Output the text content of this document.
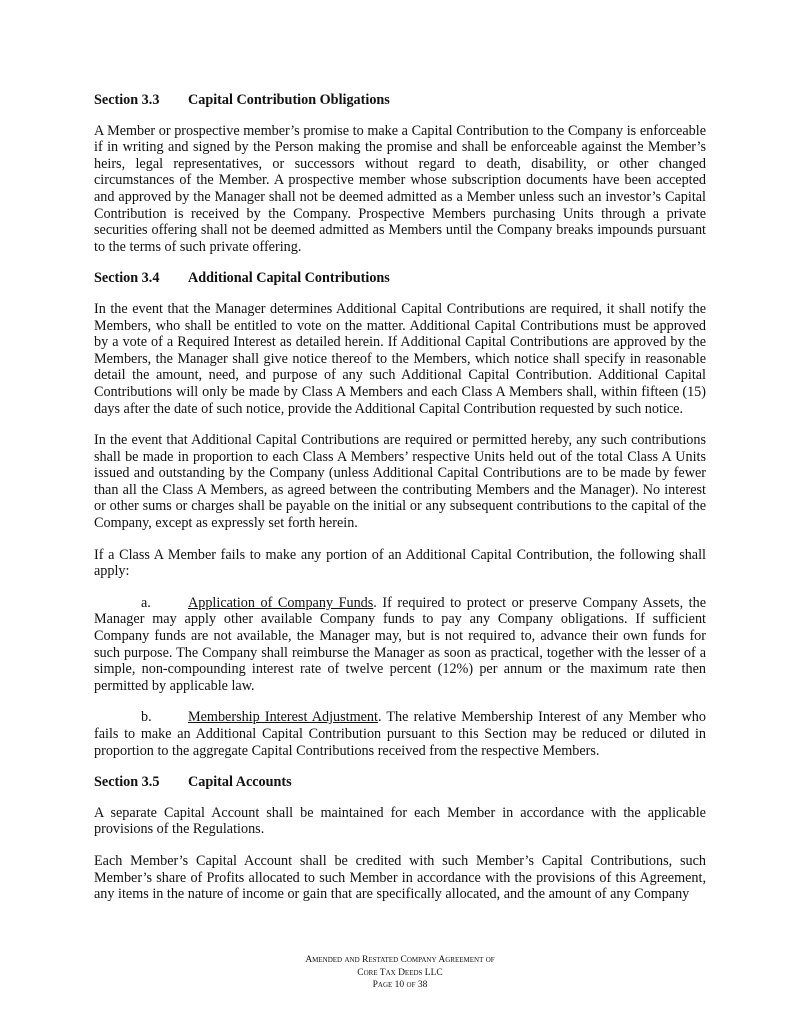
Section 3.3	Capital Contribution Obligations

A Member or prospective member’s promise to make a Capital Contribution to the Company is enforceable if in writing and signed by the Person making the promise and shall be enforceable against the Member’s heirs, legal representatives, or successors without regard to death, disability, or other changed circumstances of the Member. A prospective member whose subscription documents have been accepted and approved by the Manager shall not be deemed admitted as a Member unless such an investor’s Capital Contribution is received by the Company. Prospective Members purchasing Units through a private securities offering shall not be deemed admitted as Members until the Company breaks impounds pursuant to the terms of such private offering.

Section 3.4	Additional Capital Contributions

In the event that the Manager determines Additional Capital Contributions are required, it shall notify the Members, who shall be entitled to vote on the matter. Additional Capital Contributions must be approved by a vote of a Required Interest as detailed herein. If Additional Capital Contributions are approved by the Members, the Manager shall give notice thereof to the Members, which notice shall specify in reasonable detail the amount, need, and purpose of any such Additional Capital Contribution. Additional Capital Contributions will only be made by Class A Members and each Class A Members shall, within fifteen (15) days after the date of such notice, provide the Additional Capital Contribution requested by such notice.

In the event that Additional Capital Contributions are required or permitted hereby, any such contributions shall be made in proportion to each Class A Members’ respective Units held out of the total Class A Units issued and outstanding by the Company (unless Additional Capital Contributions are to be made by fewer than all the Class A Members, as agreed between the contributing Members and the Manager). No interest or other sums or charges shall be payable on the initial or any subsequent contributions to the capital of the Company, except as expressly set forth herein.

If a Class A Member fails to make any portion of an Additional Capital Contribution, the following shall apply:

a.	Application of Company Funds. If required to protect or preserve Company Assets, the Manager may apply other available Company funds to pay any Company obligations. If sufficient Company funds are not available, the Manager may, but is not required to, advance their own funds for such purpose. The Company shall reimburse the Manager as soon as practical, together with the lesser of a simple, non-compounding interest rate of twelve percent (12%) per annum or the maximum rate then permitted by applicable law.

b.	Membership Interest Adjustment. The relative Membership Interest of any Member who fails to make an Additional Capital Contribution pursuant to this Section may be reduced or diluted in proportion to the aggregate Capital Contributions received from the respective Members.

Section 3.5	Capital Accounts

A separate Capital Account shall be maintained for each Member in accordance with the applicable provisions of the Regulations.

Each Member’s Capital Account shall be credited with such Member’s Capital Contributions, such Member’s share of Profits allocated to such Member in accordance with the provisions of this Agreement, any items in the nature of income or gain that are specifically allocated, and the amount of any Company

Amended and Restated Company Agreement of
Core Tax Deeds LLC
Page 10 of 38
